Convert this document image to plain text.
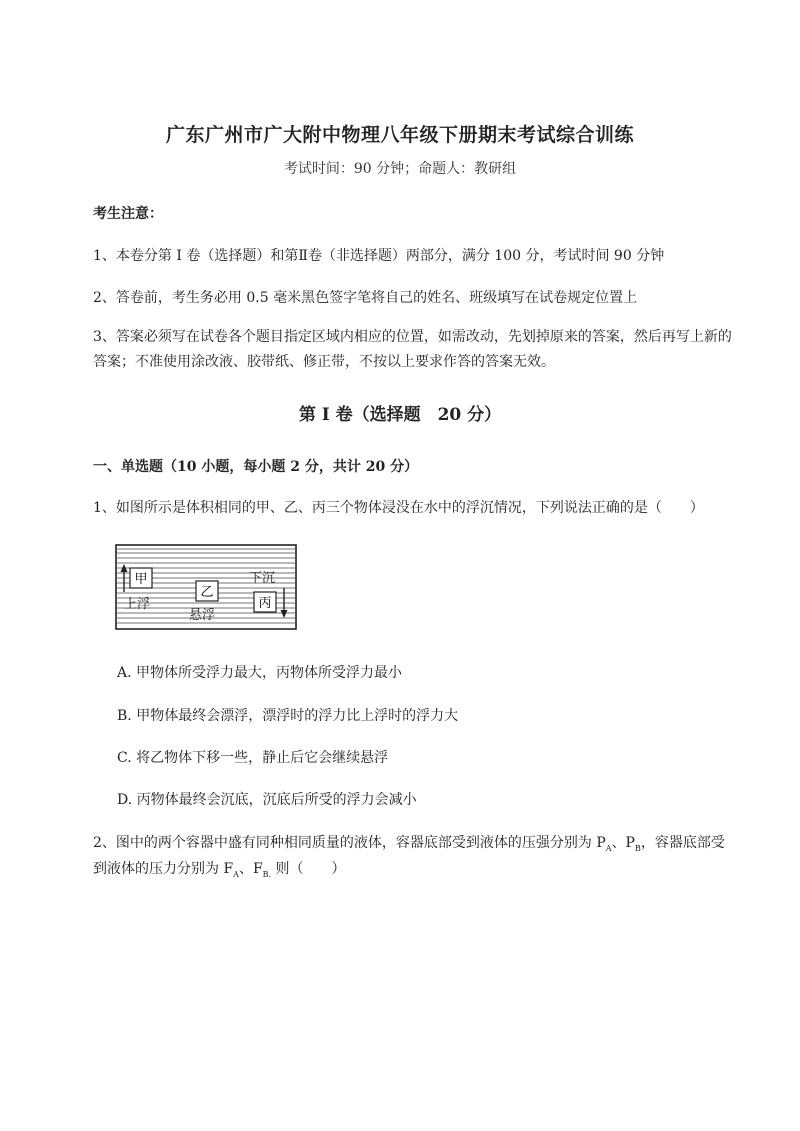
广东广州市广大附中物理八年级下册期末考试综合训练
考试时间：90 分钟；命题人：教研组
考生注意：
1、本卷分第 I 卷（选择题）和第Ⅱ卷（非选择题）两部分，满分 100 分，考试时间 90 分钟
2、答卷前，考生务必用 0.5 毫米黑色签字笔将自己的姓名、班级填写在试卷规定位置上
3、答案必须写在试卷各个题目指定区域内相应的位置，如需改动，先划掉原来的答案，然后再写上新的答案；不准使用涂改液、胶带纸、修正带，不按以上要求作答的答案无效。
第 I 卷（选择题　20 分）
一、单选题（10 小题，每小题 2 分，共计 20 分）
1、如图所示是体积相同的甲、乙、丙三个物体浸没在水中的浮沉情况，下列说法正确的是（　　）
甲
上浮
乙
悬浮
下沉
丙
A. 甲物体所受浮力最大，丙物体所受浮力最小
B. 甲物体最终会漂浮，漂浮时的浮力比上浮时的浮力大
C. 将乙物体下移一些，静止后它会继续悬浮
D. 丙物体最终会沉底，沉底后所受的浮力会减小
2、图中的两个容器中盛有同种相同质量的液体，容器底部受到液体的压强分别为 $P_A$、$P_B$，容器底部受
到液体的压力分别为 $F_A$、$F_{B.}$ 则（　　）
